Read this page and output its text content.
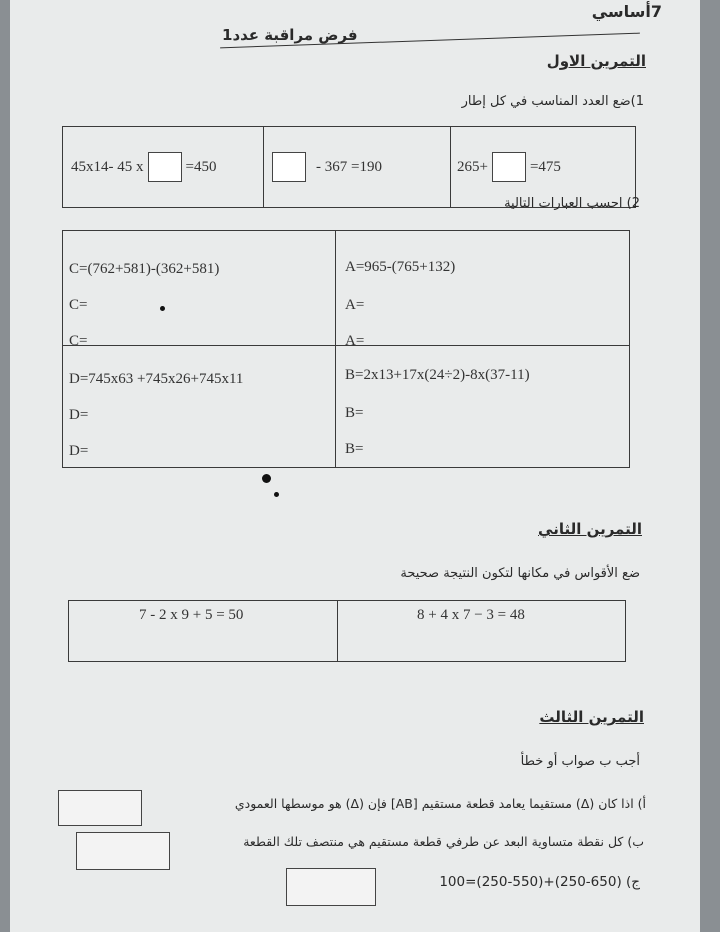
7أساسي
فرض مراقبة عدد1
التمرين الاول
1)ضع العدد المناسب في كل إطار
45x14- 45 x	=450	- 367 =190	265+	=475
2) احسب العبارات التالية
C=(762+581)-(362+581)
C=
C=
A=965-(765+132)
A=
A=
D=745x63 +745x26+745x11
D=
D=
B=2x13+17x(24÷2)-8x(37-11)
B=
B=
التمرين الثاني
ضع الأقواس في مكانها لتكون النتيجة صحيحة
7 - 2 x 9 + 5 = 50	8 + 4 x 7 − 3 = 48
التمرين الثالث
أجب ب صواب أو خطأ
أ) اذا كان (Δ) مستقيما يعامد قطعة مستقيم [AB] فإن (Δ) هو موسطها العمودي
ب) كل نقطة متساوية البعد عن طرفي قطعة مستقيم هي منتصف تلك القطعة
ج) (650-250)+(550-250)=100
